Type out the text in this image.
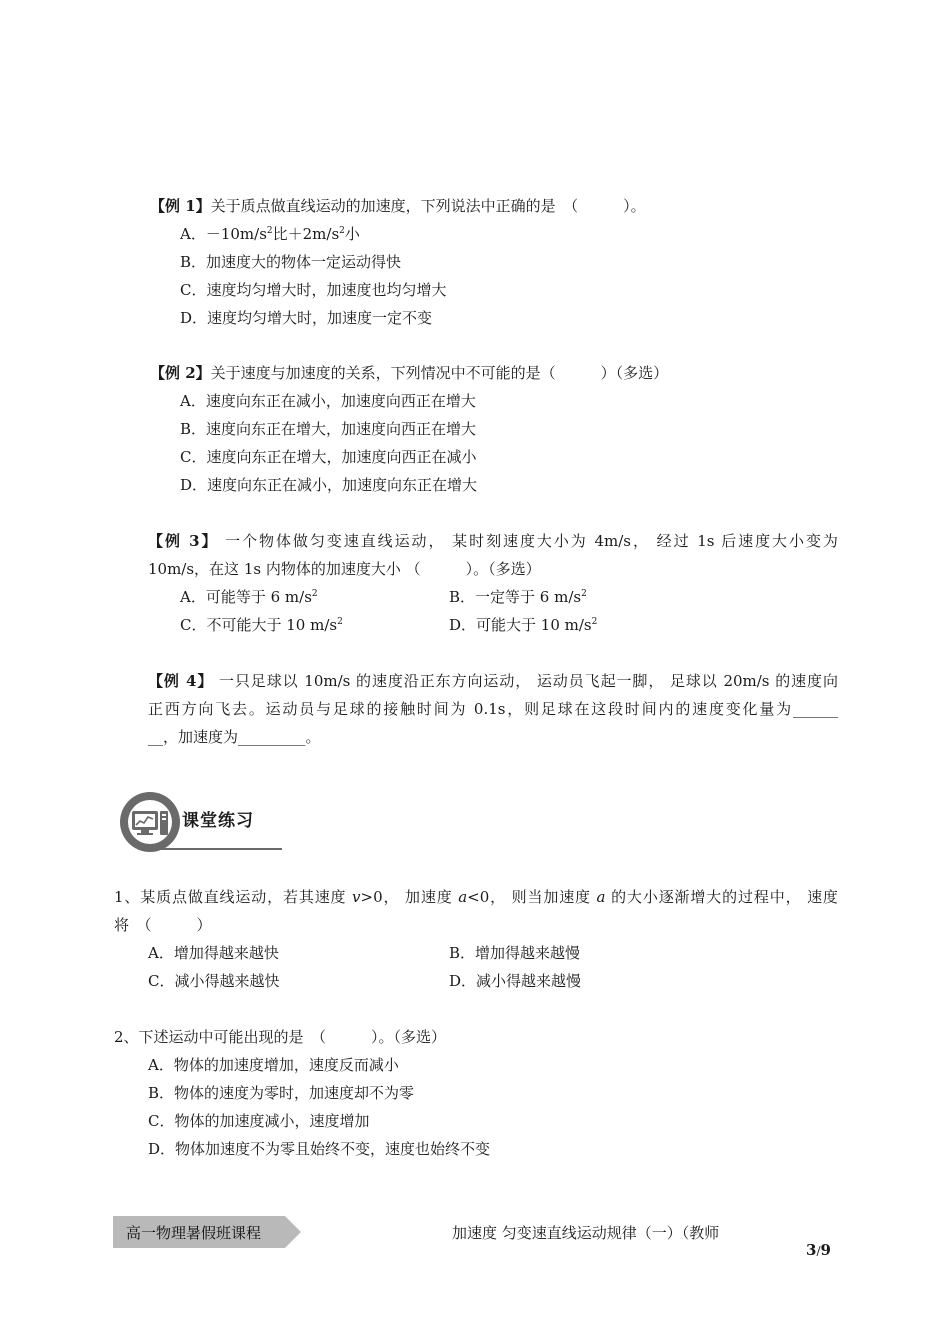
【例 1】关于质点做直线运动的加速度，下列说法中正确的是　（　　　）。
A．$-10m/s^2$比$+2m/s^2$小
B．加速度大的物体一定运动得快
C．速度均匀增大时，加速度也均匀增大
D．速度均匀增大时，加速度一定不变
【例 2】关于速度与加速度的关系，下列情况中不可能的是（　　　）（多选）
A．速度向东正在减小，加速度向西正在增大
B．速度向东正在增大，加速度向西正在增大
C．速度向东正在增大，加速度向西正在减小
D．速度向东正在减小，加速度向东正在增大
【例 3】 一个物体做匀变速直线运动， 某时刻速度大小为 4m/s， 经过 1s 后速度大小变为
10m/s，在这 1s 内物体的加速度大小 （　　　）。（多选）
A．可能等于 6 $m/s^2$	B．一定等于 6 $m/s^2$
C．不可能大于 10 $m/s^2$	D．可能大于 10 $m/s^2$
【例 4】 一只足球以 10m/s 的速度沿正东方向运动， 运动员飞起一脚， 足球以 20m/s 的速度向
正西方向飞去。运动员与足球的接触时间为 0.1s，则足球在这段时间内的速度变化量为______
__，加速度为_________。
课堂练习
1、某质点做直线运动，若其速度 v>0， 加速度 a<0， 则当加速度 a 的大小逐渐增大的过程中， 速度
将　（　　　）
A．增加得越来越快	B．增加得越来越慢
C．减小得越来越快	D．减小得越来越慢
2、下述运动中可能出现的是　（　　　）。（多选）
A．物体的加速度增加，速度反而减小
B．物体的速度为零时，加速度却不为零
C．物体的加速度减小，速度增加
D．物体加速度不为零且始终不变，速度也始终不变
高一物理暑假班课程	加速度 匀变速直线运动规律（一）（教师
3/9
